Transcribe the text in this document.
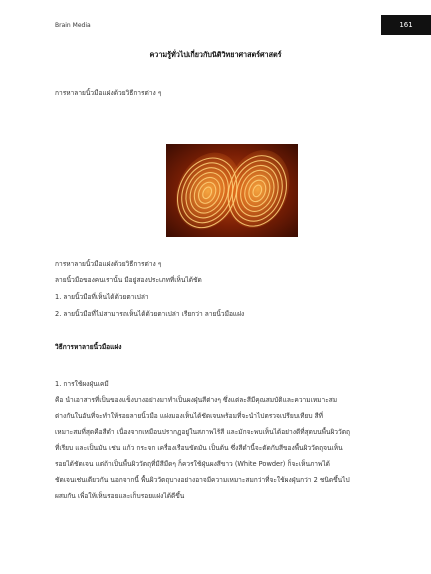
Brain Media	161
ความรู้ทั่วไปเกี่ยวกับนิติวิทยาศาสตร์ศาสตร์
การหาลายนิ้วมือแฝงด้วยวิธีการต่าง ๆ
การหาลายนิ้วมือแฝงด้วยวิธีการต่าง ๆ
ลายนิ้วมือของคนเรานั้น มีอยู่สองประเภทที่เห็นได้ชัด
1. ลายนิ้วมือที่เห็นได้ด้วยตาเปล่า
2. ลายนิ้วมือที่ไม่สามารถเห็นได้ด้วยตาเปล่า เรียกว่า ลายนิ้วมือแฝง
วิธีการหาลายนิ้วมือแฝง
1. การใช้ผงฝุ่นเคมี
คือ นำเอาสารที่เป็นของแข็งบางอย่างมาทำเป็นผงฝุ่นสีต่างๆ ซึ่งแต่ละสีมีคุณสมบัติและความเหมาะสม
ต่างกันในอันที่จะทำให้รอยลายนิ้วมือ แฝงมองเห็นได้ชัดเจนพร้อมที่จะนำไปตรวจเปรียบเทียบ สีที่
เหมาะสมที่สุดคือสีดำ เนื่องจากเหมือนปรากฏอยู่ในสภาพไร้สี และมักจะพบเห็นได้อย่างดีที่สุดบนพื้นผิววัตถุ
ที่เรียบ และเป็นมัน เช่น แก้ว กระจก เครื่องเรือนขัดมัน เป็นต้น ซึ่งสีดำนี้จะตัดกับสีของพื้นผิววัตถุจนเห็น
รอยได้ชัดเจน แต่ถ้าเป็นพื้นผิววัตถุที่มีสีมืดๆ ก็ควรใช้ฝุ่นผงสีขาว (White Powder) ก็จะเห็นภาพได้
ชัดเจนเช่นเดียวกัน นอกจากนี้ พื้นผิววัตถุบางอย่างอาจมีความเหมาะสมกว่าที่จะใช้ผงฝุ่นกว่า 2 ชนิดขึ้นไป
ผสมกัน เพื่อให้เห็นรอยและเก็บรอยแฝงได้ดีขึ้น
